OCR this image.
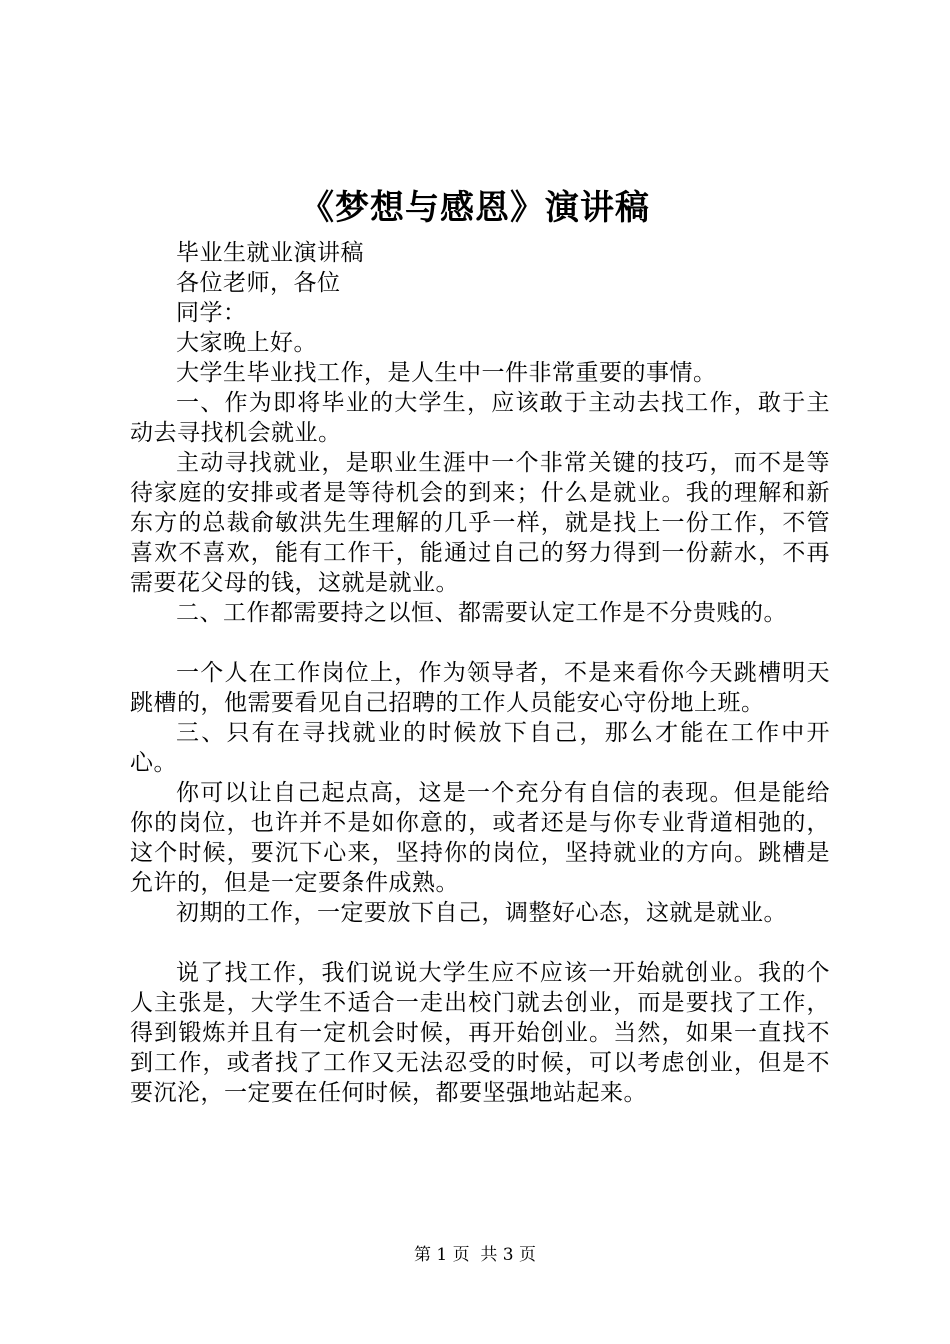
《梦想与感恩》演讲稿

毕业生就业演讲稿

各位老师，各位

同学：

大家晚上好。

大学生毕业找工作，是人生中一件非常重要的事情。

一、作为即将毕业的大学生，应该敢于主动去找工作，敢于主动去寻找机会就业。

主动寻找就业，是职业生涯中一个非常关键的技巧，而不是等待家庭的安排或者是等待机会的到来；什么是就业。我的理解和新东方的总裁俞敏洪先生理解的几乎一样，就是找上一份工作，不管喜欢不喜欢，能有工作干，能通过自己的努力得到一份薪水，不再需要花父母的钱，这就是就业。

二、工作都需要持之以恒、都需要认定工作是不分贵贱的。

一个人在工作岗位上，作为领导者，不是来看你今天跳槽明天跳槽的，他需要看见自己招聘的工作人员能安心守份地上班。

三、只有在寻找就业的时候放下自己，那么才能在工作中开心。

你可以让自己起点高，这是一个充分有自信的表现。但是能给你的岗位，也许并不是如你意的，或者还是与你专业背道相弛的，这个时候，要沉下心来，坚持你的岗位，坚持就业的方向。跳槽是允许的，但是一定要条件成熟。

初期的工作，一定要放下自己，调整好心态，这就是就业。

说了找工作，我们说说大学生应不应该一开始就创业。我的个人主张是，大学生不适合一走出校门就去创业，而是要找了工作，得到锻炼并且有一定机会时候，再开始创业。当然，如果一直找不到工作，或者找了工作又无法忍受的时候，可以考虑创业，但是不要沉沦，一定要在任何时候，都要坚强地站起来。

第 1 页  共 3 页
